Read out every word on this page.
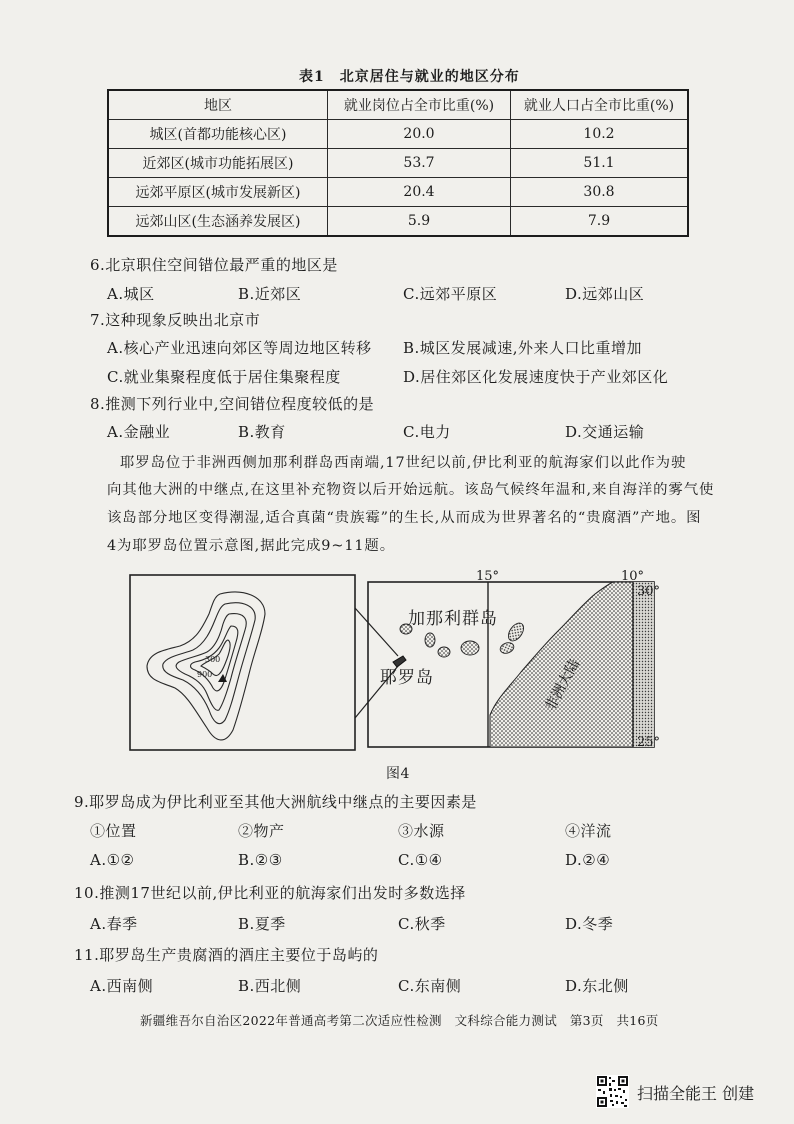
表1　北京居住与就业的地区分布
地区	就业岗位占全市比重(%)	就业人口占全市比重(%)
城区(首都功能核心区)	20.0	10.2
近郊区(城市功能拓展区)	53.7	51.1
远郊平原区(城市发展新区)	20.4	30.8
远郊山区(生态涵养发展区)	5.9	7.9
6.北京职住空间错位最严重的地区是
A.城区	B.近郊区	C.远郊平原区	D.远郊山区
7.这种现象反映出北京市
A.核心产业迅速向郊区等周边地区转移 B.城区发展减速,外来人口比重增加
C.就业集聚程度低于居住集聚程度	D.居住郊区化发展速度快于产业郊区化
8.推测下列行业中,空间错位程度较低的是
A.金融业	B.教育	C.电力	D.交通运输
耶罗岛位于非洲西侧加那利群岛西南端,17世纪以前,伊比利亚的航海家们以此作为驶
向其他大洲的中继点,在这里补充物资以后开始远航。该岛气候终年温和,来自海洋的雾气使
该岛部分地区变得潮湿,适合真菌“贵族霉”的生长,从而成为世界著名的“贵腐酒”产地。图
4为耶罗岛位置示意图,据此完成9~11题。
900
300
加那利群岛
耶罗岛	非洲大陆
15°	10°
30°
25°
图4
9.耶罗岛成为伊比利亚至其他大洲航线中继点的主要因素是
①位置	②物产	③水源	④洋流
A.①②	B.②③	C.①④	D.②④
10.推测17世纪以前,伊比利亚的航海家们出发时多数选择
A.春季	B.夏季	C.秋季	D.冬季
11.耶罗岛生产贵腐酒的酒庄主要位于岛屿的
A.西南侧	B.西北侧	C.东南侧	D.东北侧
新疆维吾尔自治区2022年普通高考第二次适应性检测　文科综合能力测试　第3页　共16页
扫描全能王 创建
